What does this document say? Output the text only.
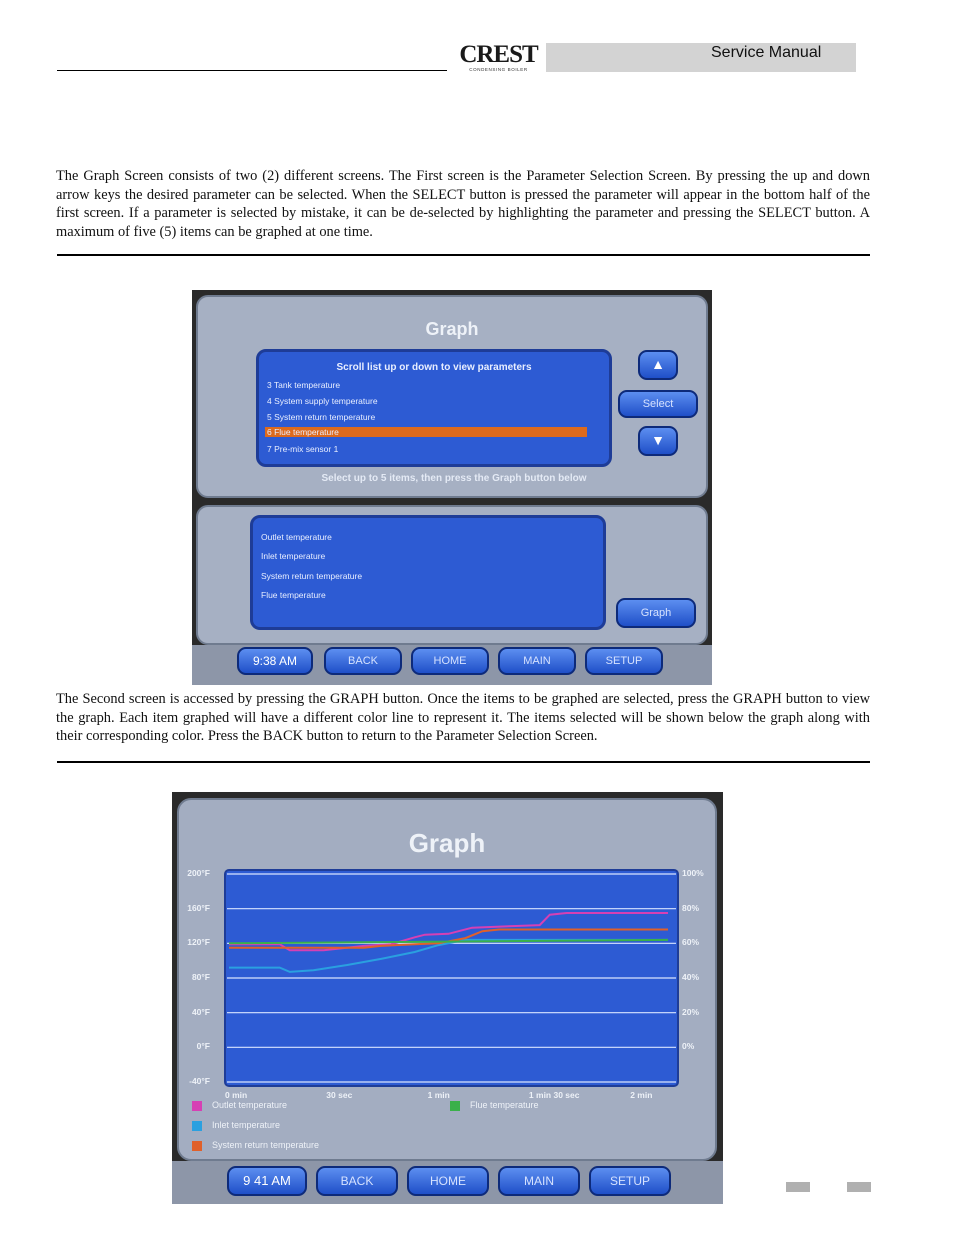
CREST
CONDENSING BOILER
Service Manual
The Graph Screen consists of two (2) different screens. The First screen is the Parameter Selection Screen. By pressing the up and down arrow keys the desired parameter can be selected. When the SELECT button is pressed the parameter will appear in the bottom half of the first screen. If a parameter is selected by mistake, it can be de-selected by highlighting the parameter and pressing the SELECT button. A maximum of five (5) items can be graphed at one time.
Graph
Scroll list up or down to view parameters
3 Tank temperature
4 System supply temperature
5 System return temperature
6 Flue temperature
7 Pre-mix sensor 1
Select up to 5 items, then press the Graph button below
▲
Select
▼
Outlet temperature
Inlet temperature
System return temperature
Flue temperature
Graph
9:38 AM	BACK	HOME	MAIN	SETUP
The Second screen is accessed by pressing the GRAPH button. Once the items to be graphed are selected, press the GRAPH button to view the graph. Each item graphed will have a different color line to represent it. The items selected will be shown below the graph along with their corresponding color. Press the BACK button to return to the Parameter Selection Screen.
Graph
200°F
160°F
120°F
80°F
40°F
0°F
-40°F
100%
80%
60%
40%
20%
0%
0 min	30 sec	1 min	1 min 30 sec	2 min
Outlet temperature
Inlet temperature
System return temperature
Flue temperature
9 41 AM	BACK	HOME	MAIN	SETUP
